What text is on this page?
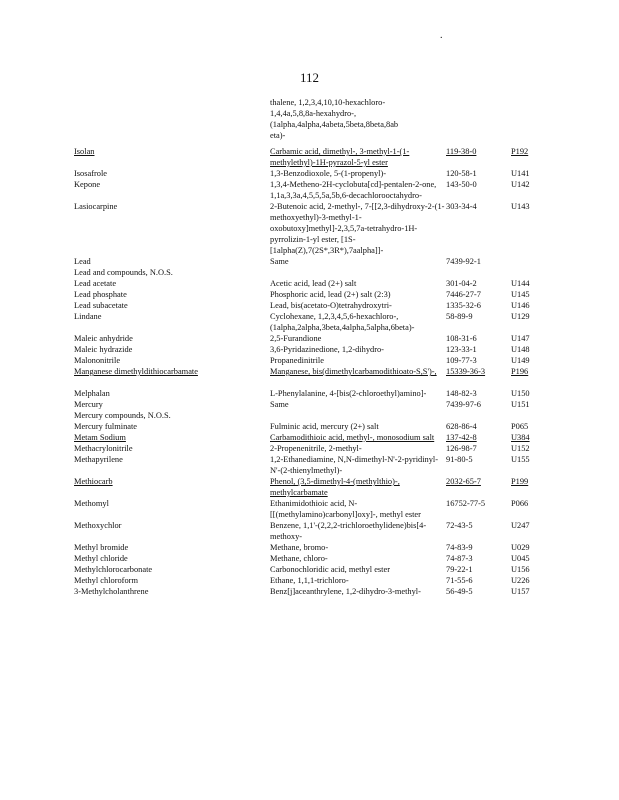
.
112
thalene, 1,2,3,4,10,10-hexachloro-
1,4,4a,5,8,8a-hexahydro-,
(1alpha,4alpha,4abeta,5beta,8beta,8ab
eta)-
Isolan	Carbamic acid, dimethyl-, 3-methyl-1-(1-methylethyl)-1H-pyrazol-5-yl ester	119-38-0	P192
Isosafrole	1,3-Benzodioxole, 5-(1-propenyl)-	120-58-1	U141
Kepone	1,3,4-Metheno-2H-cyclobuta[cd]-pentalen-2-one, 1,1a,3,3a,4,5,5,5a,5b,6-decachlorooctahydro-	143-50-0	U142
Lasiocarpine	2-Butenoic acid, 2-methyl-, 7-[[2,3-dihydroxy-2-(1-methoxyethyl)-3-methyl-1-oxobutoxy]methyl]-2,3,5,7a-tetrahydro-1H-pyrrolizin-1-yl ester, [1S-[1alpha(Z),7(2S*,3R*),7aalpha]]-	303-34-4	U143
Lead	Same	7439-92-1	
Lead and compounds, N.O.S.			
Lead acetate	Acetic acid, lead (2+) salt	301-04-2	U144
Lead phosphate	Phosphoric acid, lead (2+) salt (2:3)	7446-27-7	U145
Lead subacetate	Lead, bis(acetato-O)tetrahydroxytri-	1335-32-6	U146
Lindane	Cyclohexane, 1,2,3,4,5,6-hexachloro-, (1alpha,2alpha,3beta,4alpha,5alpha,6beta)-	58-89-9	U129
Maleic anhydride	2,5-Furandione	108-31-6	U147
Maleic hydrazide	3,6-Pyridazinedione, 1,2-dihydro-	123-33-1	U148
Malononitrile	Propanedinitrile	109-77-3	U149
Manganese dimethyldithiocarbamate	Manganese, bis(dimethylcarbamodithioato-S,S')-,	15339-36-3	P196

Melphalan	L-Phenylalanine, 4-[bis(2-chloroethyl)amino]-	148-82-3	U150
Mercury	Same	7439-97-6	U151
Mercury compounds, N.O.S.			
Mercury fulminate	Fulminic acid, mercury (2+) salt	628-86-4	P065
Metam Sodium	Carbamodithioic acid, methyl-, monosodium salt	137-42-8	U384
Methacrylonitrile	2-Propenenitrile, 2-methyl-	126-98-7	U152
Methapyrilene	1,2-Ethanediamine, N,N-dimethyl-N'-2-pyridinyl-N'-(2-thienylmethyl)-	91-80-5	U155
Methiocarb	Phenol, (3,5-dimethyl-4-(methylthio)-, methylcarbamate	2032-65-7	P199
Methomyl	Ethanimidothioic acid, N-[[(methylamino)carbonyl]oxy]-, methyl ester	16752-77-5	P066
Methoxychlor	Benzene, 1,1'-(2,2,2-trichloroethylidene)bis[4-methoxy-	72-43-5	U247
Methyl bromide	Methane, bromo-	74-83-9	U029
Methyl chloride	Methane, chloro-	74-87-3	U045
Methylchlorocarbonate	Carbonochloridic acid, methyl ester	79-22-1	U156
Methyl chloroform	Ethane, 1,1,1-trichloro-	71-55-6	U226
3-Methylcholanthrene	Benz[j]aceanthrylene, 1,2-dihydro-3-methyl-	56-49-5	U157
